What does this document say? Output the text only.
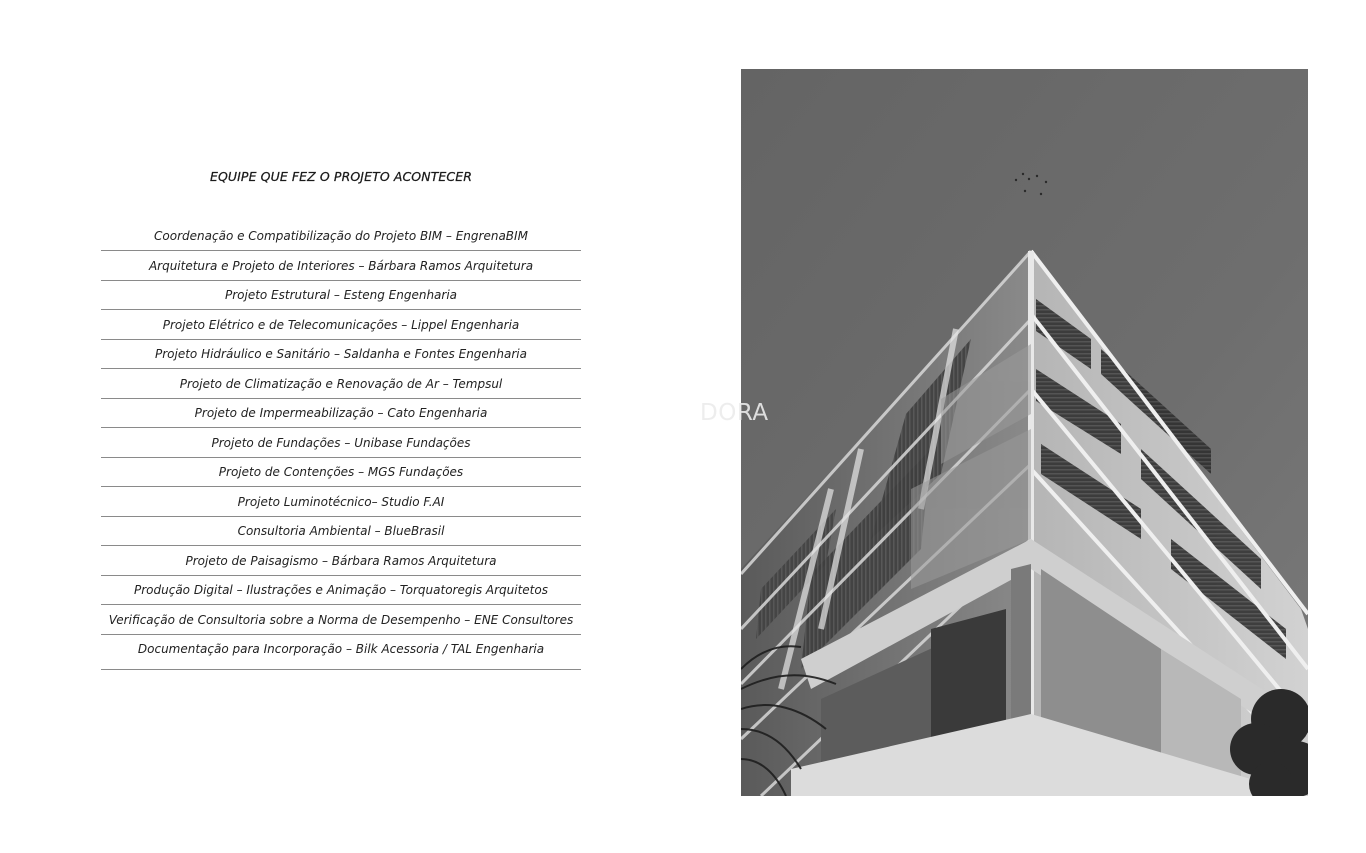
EQUIPE QUE FEZ O PROJETO ACONTECER
Coordenação e Compatibilização do Projeto BIM – EngrenaBIM
Arquitetura e Projeto de Interiores – Bárbara Ramos Arquitetura
Projeto Estrutural – Esteng Engenharia
Projeto Elétrico e de Telecomunicações – Lippel Engenharia
Projeto Hidráulico e Sanitário – Saldanha e Fontes Engenharia
Projeto de Climatização e Renovação de Ar – Tempsul
Projeto de Impermeabilização – Cato Engenharia
Projeto de Fundações – Unibase Fundações
Projeto de Contenções – MGS Fundações
Projeto Luminotécnico– Studio F.AI
Consultoria Ambiental – BlueBrasil
Projeto de Paisagismo – Bárbara Ramos Arquitetura
Produção Digital – Ilustrações e Animação – Torquatoregis Arquitetos
Verificação de Consultoria sobre a Norma de Desempenho – ENE Consultores
Documentação para Incorporação – Bilk Acessoria / TAL Engenharia
DORA
